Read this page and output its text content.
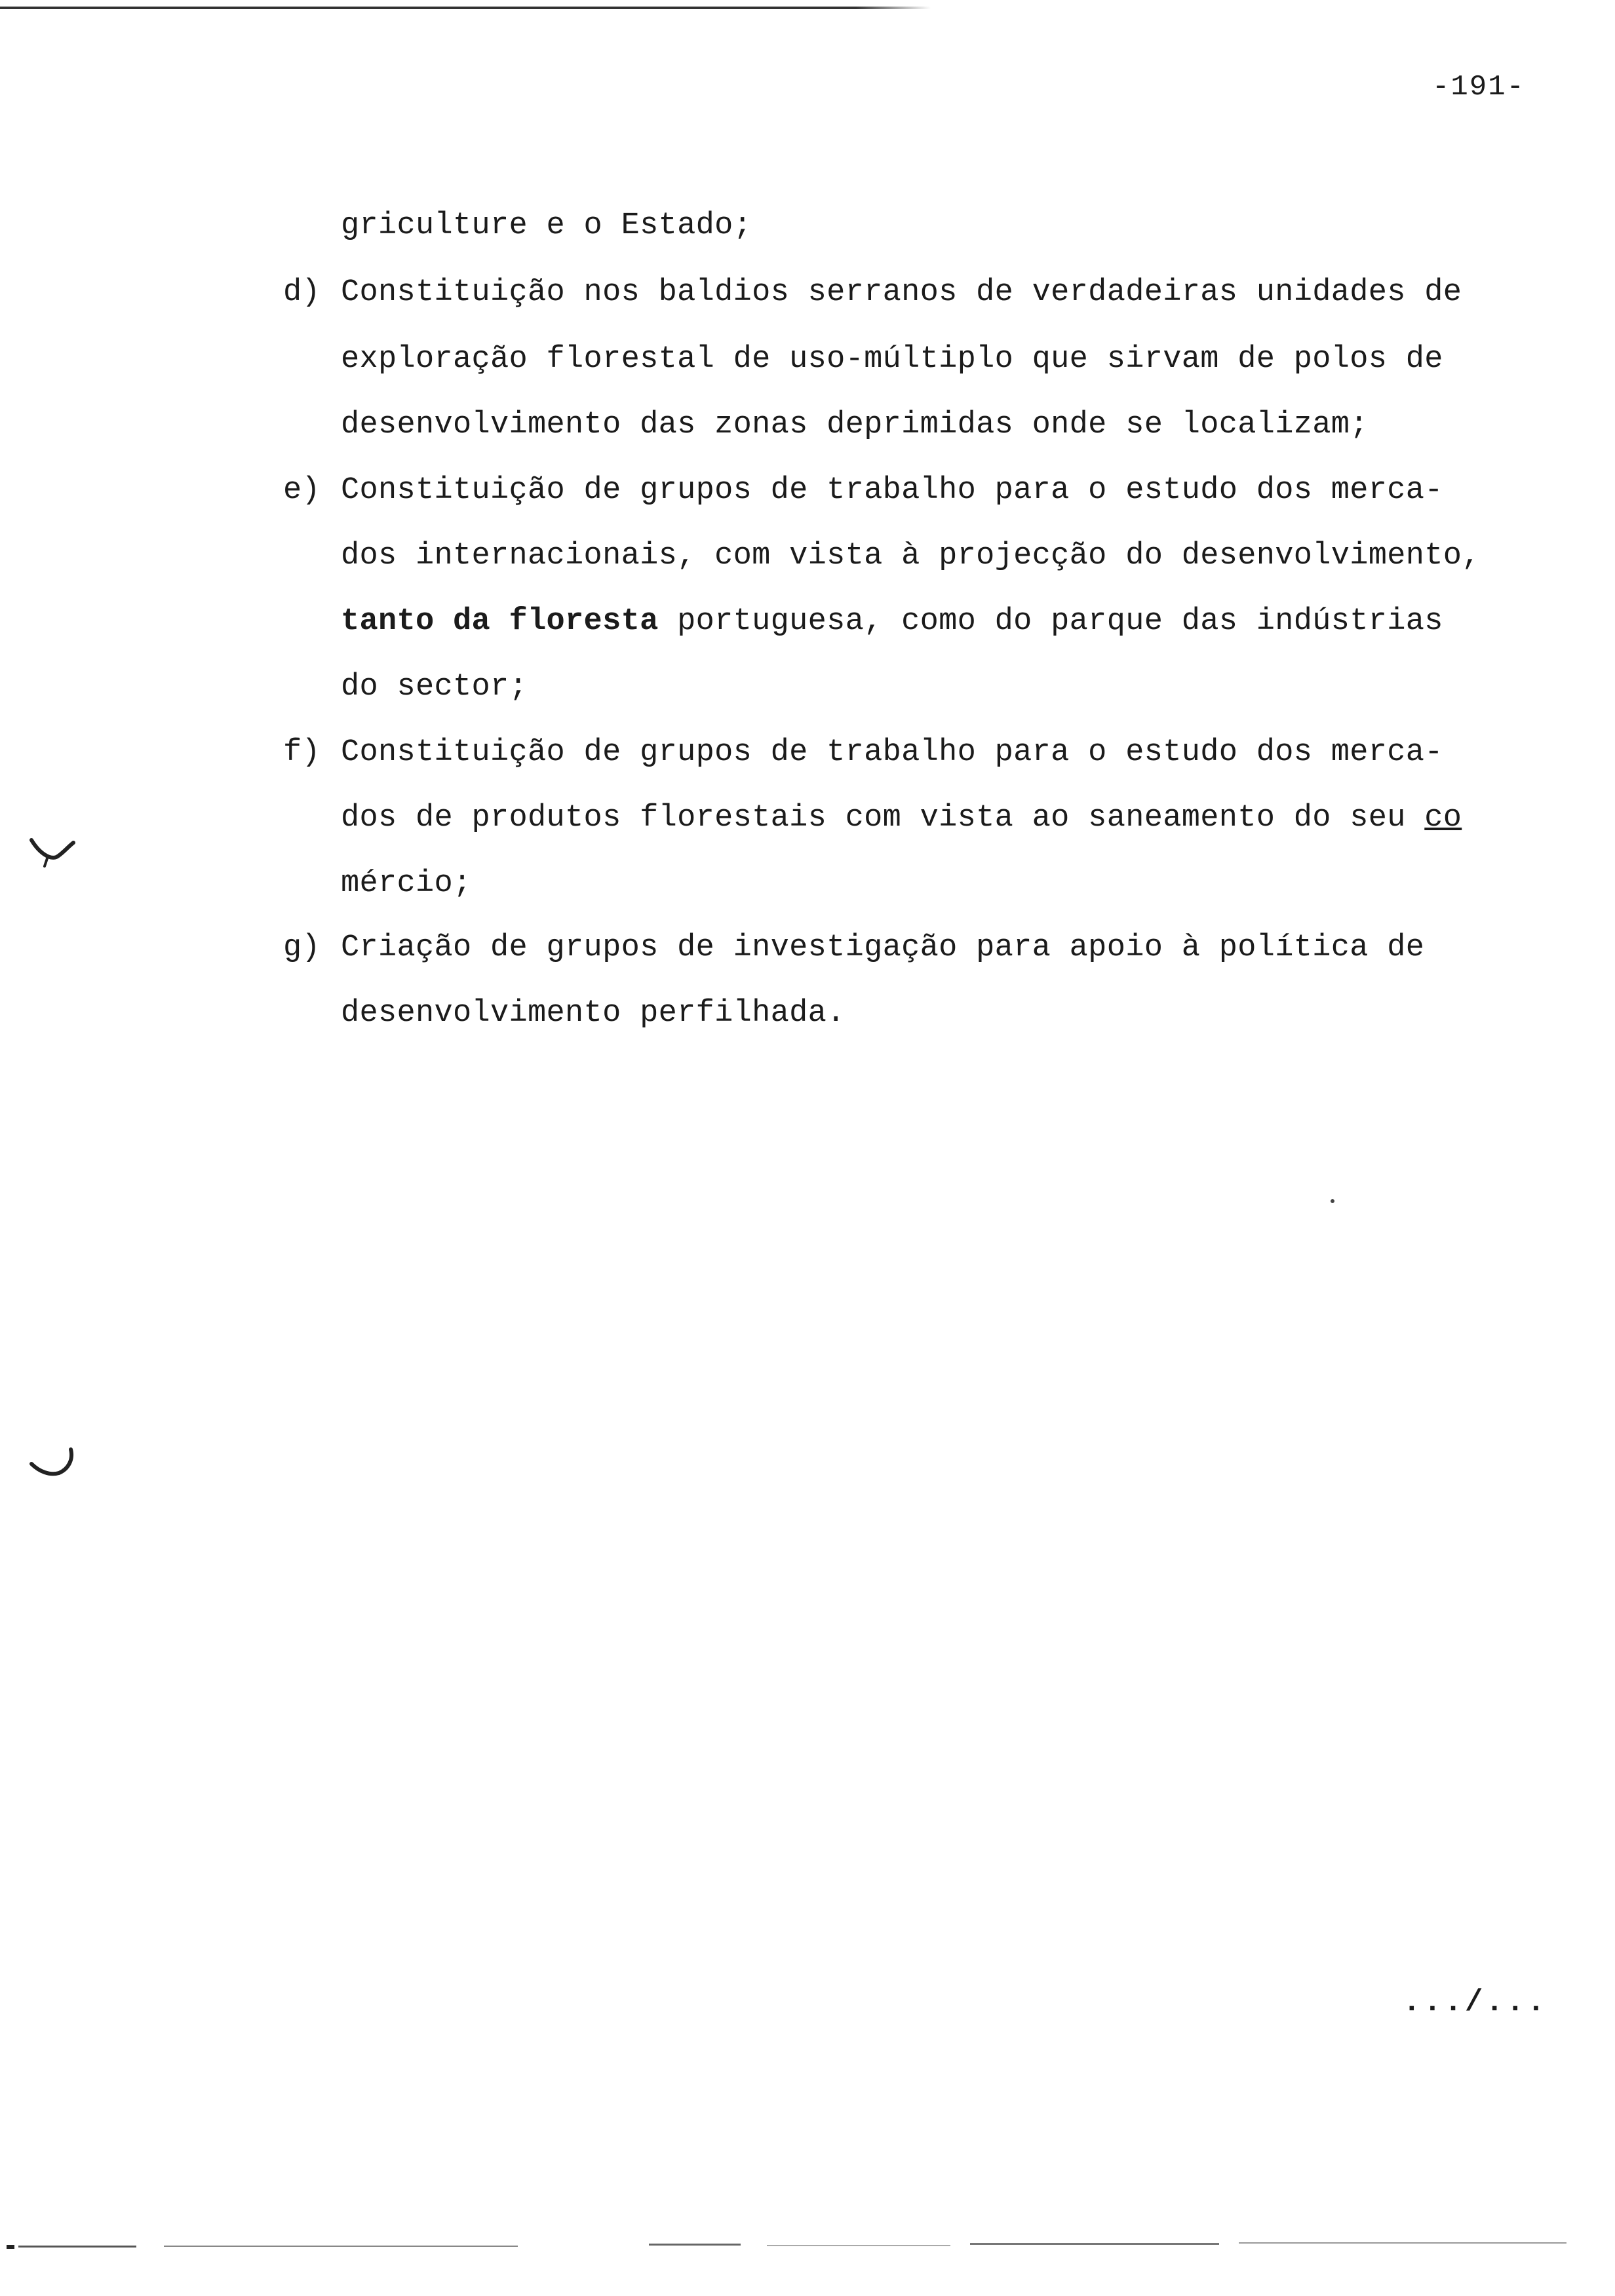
-191-
griculture e o Estado;
d) Constituição nos baldios serranos de verdadeiras unidades de
exploração florestal de uso-múltiplo que sirvam de polos de
desenvolvimento das zonas deprimidas onde se localizam;
e) Constituição de grupos de trabalho para o estudo dos merca-
dos internacionais, com vista à projecção do desenvolvimento,
tanto da floresta portuguesa, como do parque das indústrias
do sector;
f) Constituição de grupos de trabalho para o estudo dos merca-
dos de produtos florestais com vista ao saneamento do seu co
mércio;
g) Criação de grupos de investigação para apoio à política de
desenvolvimento perfilhada.
.../...
